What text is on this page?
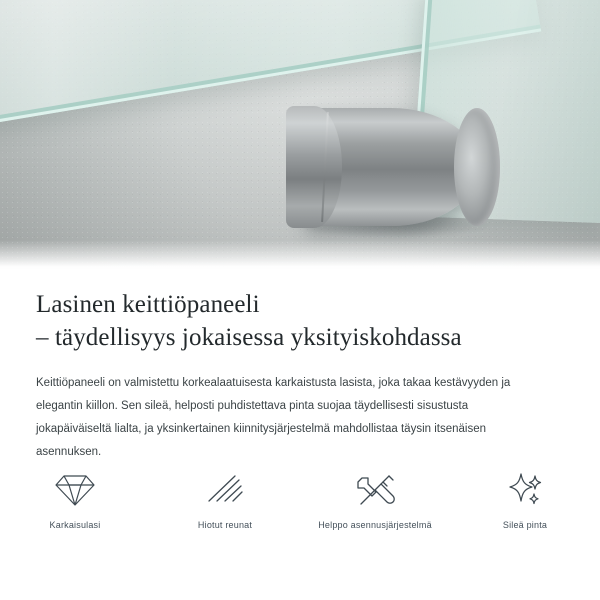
Lasinen keittiöpaneeli
– täydellisyys jokaisessa yksityiskohdassa

Keittiöpaneeli on valmistettu korkealaatuisesta karkaistusta lasista, joka takaa kestävyyden ja elegantin kiillon. Sen sileä, helposti puhdistettava pinta suojaa täydellisesti sisustusta jokapäiväiseltä lialta, ja yksinkertainen kiinnitysjärjestelmä mahdollistaa täysin itsenäisen asennuksen.

Karkaisulasi	Hiotut reunat	Helppo asennusjärjestelmä	Sileä pinta
